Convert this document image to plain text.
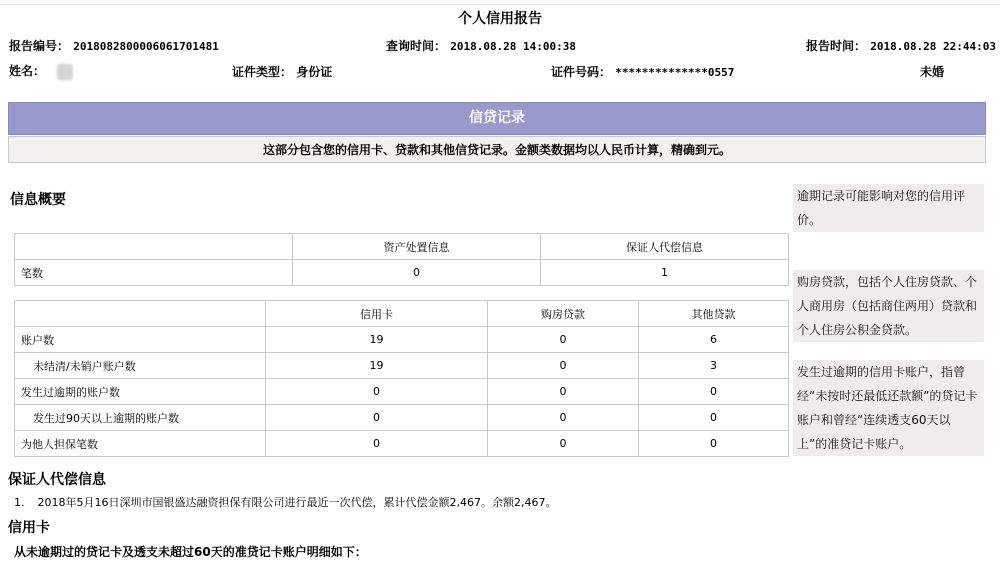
个人信用报告
报告编号： 2018082800006061701481	查询时间： 2018.08.28 14:00:38	报告时间： 2018.08.28 22:44:03
姓名：	证件类型： 身份证	证件号码： **************0557	未婚
信贷记录
这部分包含您的信用卡、贷款和其他信贷记录。金额类数据均以人民币计算，精确到元。
信息概要
	资产处置信息	保证人代偿信息
笔数	0	1
	信用卡	购房贷款	其他贷款
账户数	19	0	6
未结清/未销户账户数	19	0	3
发生过逾期的账户数	0	0	0
发生过90天以上逾期的账户数	0	0	0
为他人担保笔数	0	0	0
逾期记录可能影响对您的信用评价。
购房贷款，包括个人住房贷款、个人商用房（包括商住两用）贷款和个人住房公积金贷款。
发生过逾期的信用卡账户，指曾经“未按时还最低还款额”的贷记卡账户和曾经“连续透支60天以上”的准贷记卡账户。
保证人代偿信息
1. 2018年5月16日深圳市国银盛达融资担保有限公司进行最近一次代偿，累计代偿金额2,467。余额2,467。
信用卡
从未逾期过的贷记卡及透支未超过60天的准贷记卡账户明细如下：
